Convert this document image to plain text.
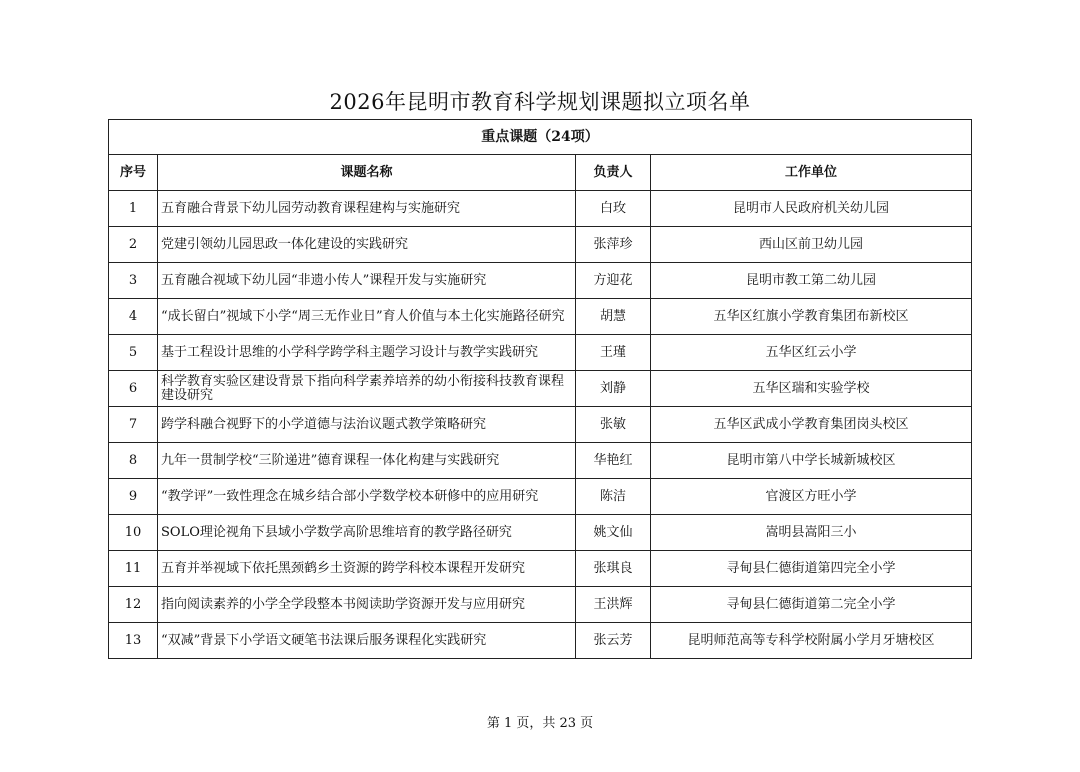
2026年昆明市教育科学规划课题拟立项名单
重点课题（24项）			
序号	课题名称	负责人	工作单位
1	五育融合背景下幼儿园劳动教育课程建构与实施研究	白玫	昆明市人民政府机关幼儿园
2	党建引领幼儿园思政一体化建设的实践研究	张萍珍	西山区前卫幼儿园
3	五育融合视域下幼儿园“非遗小传人”课程开发与实施研究	方迎花	昆明市教工第二幼儿园
4	“成长留白”视域下小学“周三无作业日”育人价值与本土化实施路径研究	胡慧	五华区红旗小学教育集团布新校区
5	基于工程设计思维的小学科学跨学科主题学习设计与教学实践研究	王瑾	五华区红云小学
6	科学教育实验区建设背景下指向科学素养培养的幼小衔接科技教育课程建设研究	刘静	五华区瑞和实验学校
7	跨学科融合视野下的小学道德与法治议题式教学策略研究	张敏	五华区武成小学教育集团岗头校区
8	九年一贯制学校“三阶递进”德育课程一体化构建与实践研究	华艳红	昆明市第八中学长城新城校区
9	“教学评”一致性理念在城乡结合部小学数学校本研修中的应用研究	陈洁	官渡区方旺小学
10	SOLO理论视角下县域小学数学高阶思维培育的教学路径研究	姚文仙	嵩明县嵩阳三小
11	五育并举视域下依托黑颈鹤乡土资源的跨学科校本课程开发研究	张琪良	寻甸县仁德街道第四完全小学
12	指向阅读素养的小学全学段整本书阅读助学资源开发与应用研究	王洪辉	寻甸县仁德街道第二完全小学
13	“双减”背景下小学语文硬笔书法课后服务课程化实践研究	张云芳	昆明师范高等专科学校附属小学月牙塘校区
第 1 页，共 23 页
